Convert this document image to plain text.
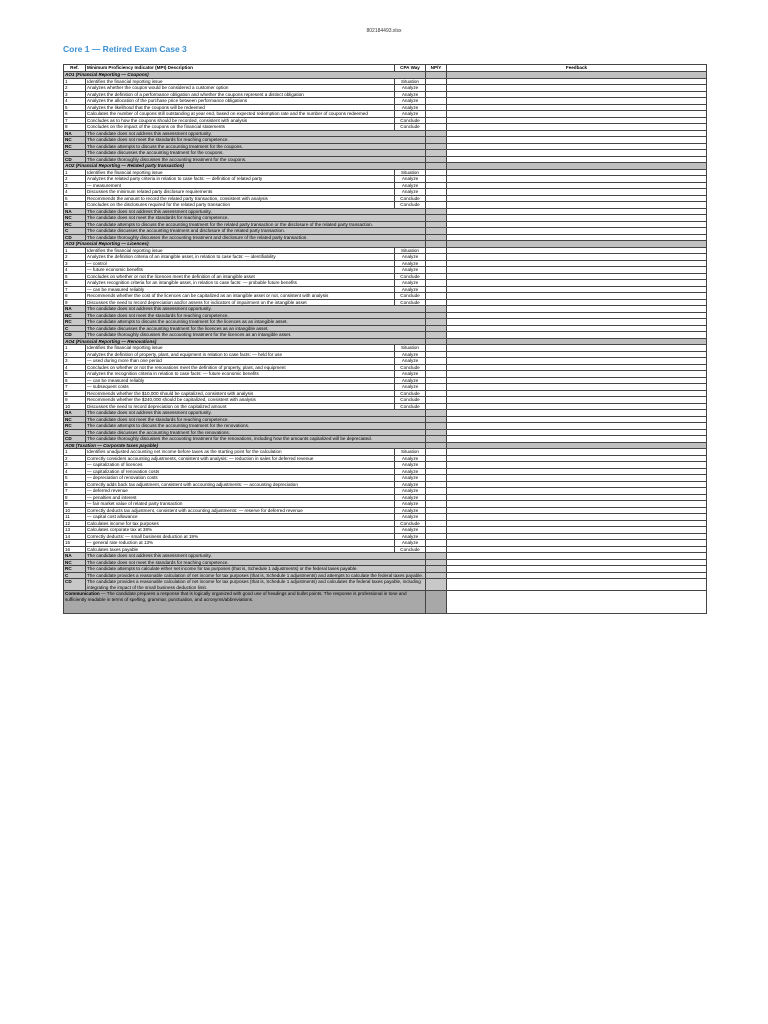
802184493.xlsx
Core 1 — Retired Exam Case 3
Ref.	Minimum Proficiency Indicator (MPI) Description	CPA Way	NP/Y	Feedback
AO1 (Financial Reporting — Coupons)				
1	Identifies the financial reporting issue	Situation		
2	Analyzes whether the coupon would be considered a customer option	Analyze		
3	Analyzes the definition of a performance obligation and whether the coupons represent a distinct obligation	Analyze		
4	Analyzes the allocation of the purchase price between performance obligations	Analyze		
5	Analyzes the likelihood that the coupons will be redeemed	Analyze		
6	Calculates the number of coupons still outstanding at year end, based on expected redemption rate and the number of coupons redeemed	Analyze		
7	Concludes as to how the coupons should be recorded, consistent with analysis	Conclude		
8	Concludes on the impact of the coupons on the financial statements	Conclude		
NA	The candidate does not address this assessment opportunity.			
NC	The candidate does not meet the standards for reaching competence.			
RC	The candidate attempts to discuss the accounting treatment for the coupons.			
C	The candidate discusses the accounting treatment for the coupons.			
CD	The candidate thoroughly discusses the accounting treatment for the coupons.			
AO2 (Financial Reporting — Related party transaction)				
1	Identifies the financial reporting issue	Situation		
2	Analyzes the related party criteria in relation to case facts: — definition of related party	Analyze		
3	— measurement	Analyze		
4	Discusses the minimum related party disclosure requirements	Analyze		
5	Recommends the amount to record the related party transaction, consistent with analysis	Conclude		
6	Concludes on the disclosures required for the related party transaction	Conclude		
NA	The candidate does not address this assessment opportunity.			
NC	The candidate does not meet the standards for reaching competence.			
RC	The candidate attempts to discuss the accounting treatment for the related party transaction or the disclosure of the related party transaction.			
C	The candidate discusses the accounting treatment and disclosure of the related party transaction.			
CD	The candidate thoroughly discusses the accounting treatment and disclosure of the related party transaction.			
AO3 (Financial Reporting — Licences)				
1	Identifies the financial reporting issue	Situation		
2	Analyzes the definition criteria of an intangible asset, in relation to case facts: — identifiability	Analyze		
3	— control	Analyze		
4	— future economic benefits	Analyze		
5	Concludes on whether or not the licences meet the definition of an intangible asset	Conclude		
6	Analyzes recognition criteria for an intangible asset, in relation to case facts: — probable future benefits	Analyze		
7	— can be measured reliably	Analyze		
8	Recommends whether the cost of the licences can be capitalized as an intangible asset or not, consistent with analysis	Conclude		
9	Discusses the need to record depreciation and/or assess for indicators of impairment on the intangible asset	Conclude		
NA	The candidate does not address this assessment opportunity.			
NC	The candidate does not meet the standards for reaching competence.			
RC	The candidate attempts to discuss the accounting treatment for the licences as an intangible asset.			
C	The candidate discusses the accounting treatment for the licences as an intangible asset.			
CD	The candidate thoroughly discusses the accounting treatment for the licences as an intangible asset.			
AO4 (Financial Reporting — Renovations)				
1	Identifies the financial reporting issue	Situation		
2	Analyzes the definition of property, plant, and equipment in relation to case facts: — held for use	Analyze		
3	— used during more than one period	Analyze		
4	Concludes on whether or not the renovations meet the definition of property, plant, and equipment	Conclude		
5	Analyzes the recognition criteria in relation to case facts: — future economic benefits	Analyze		
6	— can be measured reliably	Analyze		
7	— subsequent costs	Analyze		
8	Recommends whether the $10,000 should be capitalized, consistent with analysis	Conclude		
9	Recommends whether the $240,000 should be capitalized, consistent with analysis	Conclude		
10	Discusses the need to record depreciation on the capitalized amount	Conclude		
NA	The candidate does not address this assessment opportunity.			
NC	The candidate does not meet the standards for reaching competence.			
RC	The candidate attempts to discuss the accounting treatment for the renovations.			
C	The candidate discusses the accounting treatment for the renovations.			
CD	The candidate thoroughly discusses the accounting treatment for the renovations, including how the amounts capitalized will be depreciated.			
AO5 (Taxation — Corporate taxes payable)				
1	Identifies unadjusted accounting net income before taxes as the starting point for the calculation	Situation		
2	Correctly considers accounting adjustments, consistent with analysis: — reduction in sales for deferred revenue	Analyze		
3	— capitalization of licences	Analyze		
4	— capitalization of renovation costs	Analyze		
5	— depreciation of renovation costs	Analyze		
6	Correctly adds back tax adjustment, consistent with accounting adjustments: — accounting depreciation	Analyze		
7	— deferred revenue	Analyze		
8	— penalties and interest	Analyze		
9	— fair market value of related party transaction	Analyze		
10	Correctly deducts tax adjustment, consistent with accounting adjustments: — reserve for deferred revenue	Analyze		
11	— capital cost allowance	Analyze		
12	Calculates income for tax purposes	Conclude		
13	Calculates corporate tax at 38%	Analyze		
14	Correctly deducts: — small business deduction at 19%	Analyze		
15	— general rate reduction at 13%	Analyze		
16	Calculates taxes payable	Conclude		
NA	The candidate does not address this assessment opportunity.			
NC	The candidate does not meet the standards for reaching competence.			
RC	The candidate attempts to calculate either net income for tax purposes (that is, Schedule 1 adjustments) or the federal taxes payable.			
C	The candidate provides a reasonable calculation of net income for tax purposes (that is, Schedule 1 adjustments) and attempts to calculate the federal taxes payable.			
CD	The candidate provides a reasonable calculation of net income for tax purposes (that is, Schedule 1 adjustments) and calculates the federal taxes payable, including integrating the impact of the small business deduction limit.			
Communication — The candidate prepares a response that is logically organized with good use of headings and bullet points. The response is professional in tone and sufficiently readable in terms of spelling, grammar, punctuation, and acronyms/abbreviations.				
